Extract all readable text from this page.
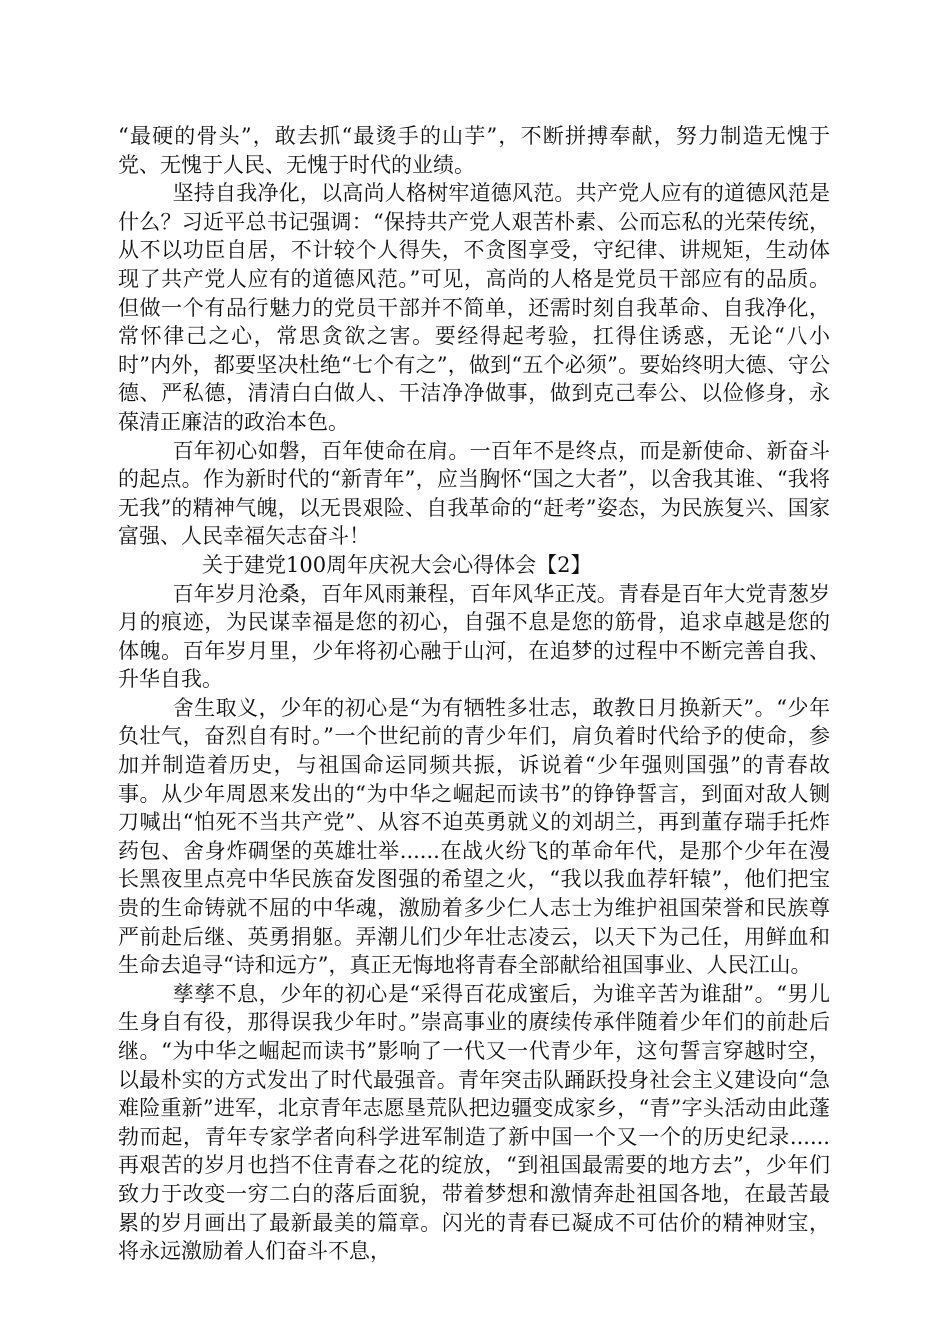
“最硬的骨头”，敢去抓“最烫手的山芋”，不断拼搏奉献，努力制造无愧于党、无愧于人民、无愧于时代的业绩。

坚持自我净化，以高尚人格树牢道德风范。共产党人应有的道德风范是什么？习近平总书记强调：“保持共产党人艰苦朴素、公而忘私的光荣传统，从不以功臣自居，不计较个人得失，不贪图享受，守纪律、讲规矩，生动体现了共产党人应有的道德风范。”可见，高尚的人格是党员干部应有的品质。但做一个有品行魅力的党员干部并不简单，还需时刻自我革命、自我净化，常怀律己之心，常思贪欲之害。要经得起考验，扛得住诱惑，无论“八小时”内外，都要坚决杜绝“七个有之”，做到“五个必须”。要始终明大德、守公德、严私德，清清白白做人、干洁净净做事，做到克己奉公、以俭修身，永葆清正廉洁的政治本色。

百年初心如磐，百年使命在肩。一百年不是终点，而是新使命、新奋斗的起点。作为新时代的“新青年”，应当胸怀“国之大者”，以舍我其谁、“我将无我”的精神气魄，以无畏艰险、自我革命的“赶考”姿态，为民族复兴、国家富强、人民幸福矢志奋斗！

关于建党100周年庆祝大会心得体会【2】

百年岁月沧桑，百年风雨兼程，百年风华正茂。青春是百年大党青葱岁月的痕迹，为民谋幸福是您的初心，自强不息是您的筋骨，追求卓越是您的体魄。百年岁月里，少年将初心融于山河，在追梦的过程中不断完善自我、升华自我。

舍生取义，少年的初心是“为有牺牲多壮志，敢教日月换新天”。“少年负壮气，奋烈自有时。”一个世纪前的青少年们，肩负着时代给予的使命，参加并制造着历史，与祖国命运同频共振，诉说着“少年强则国强”的青春故事。从少年周恩来发出的“为中华之崛起而读书”的铮铮誓言，到面对敌人铡刀喊出“怕死不当共产党”、从容不迫英勇就义的刘胡兰，再到董存瑞手托炸药包、舍身炸碉堡的英雄壮举......在战火纷飞的革命年代，是那个少年在漫长黑夜里点亮中华民族奋发图强的希望之火，“我以我血荐轩辕”，他们把宝贵的生命铸就不屈的中华魂，激励着多少仁人志士为维护祖国荣誉和民族尊严前赴后继、英勇捐躯。弄潮儿们少年壮志凌云，以天下为己任，用鲜血和生命去追寻“诗和远方”，真正无悔地将青春全部献给祖国事业、人民江山。

孳孳不息，少年的初心是“采得百花成蜜后，为谁辛苦为谁甜”。“男儿生身自有役，那得误我少年时。”崇高事业的赓续传承伴随着少年们的前赴后继。“为中华之崛起而读书”影响了一代又一代青少年，这句誓言穿越时空，以最朴实的方式发出了时代最强音。青年突击队踊跃投身社会主义建设向“急难险重新”进军，北京青年志愿垦荒队把边疆变成家乡，“青”字头活动由此蓬勃而起，青年专家学者向科学进军制造了新中国一个又一个的历史纪录......再艰苦的岁月也挡不住青春之花的绽放，“到祖国最需要的地方去”，少年们致力于改变一穷二白的落后面貌，带着梦想和激情奔赴祖国各地，在最苦最累的岁月画出了最新最美的篇章。闪光的青春已凝成不可估价的精神财宝， 将永远激励着人们奋斗不息，
